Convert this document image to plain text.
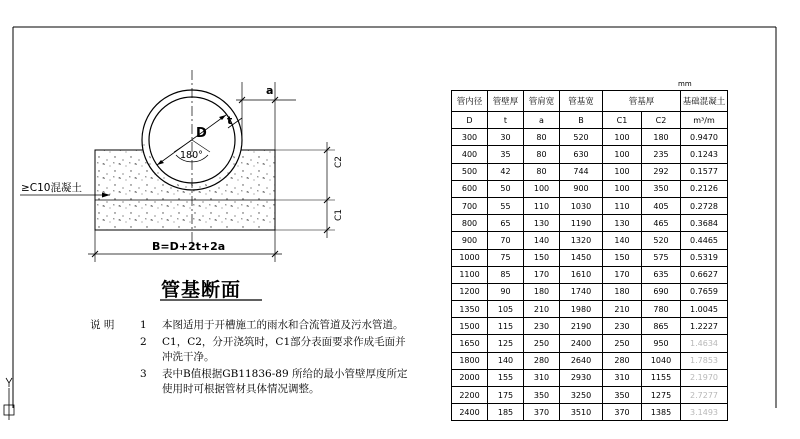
a
D
t
180°
≥C10混凝土
C2
C1
B=D+2t+2a
管基断面
说 明 1 本图适用于开槽施工的雨水和合流管道及污水管道。
2 C1，C2，分开浇筑时，C1部分表面要求作成毛面并
冲洗干净。
3 表中B值根据GB11836-89 所给的最小管壁厚度所定
使用时可根据管材具体情况调整。
mm
管内径	管壁厚	管肩宽	管基宽	管基厚		基础混凝土
D	t	a	B	C1	C2	m³/m
300	30	80	520	100	180	0.9470
400	35	80	630	100	235	0.1243
500	42	80	744	100	292	0.1577
600	50	100	900	100	350	0.2126
700	55	110	1030	110	405	0.2728
800	65	130	1190	130	465	0.3684
900	70	140	1320	140	520	0.4465
1000	75	150	1450	150	575	0.5319
1100	85	170	1610	170	635	0.6627
1200	90	180	1740	180	690	0.7659
1350	105	210	1980	210	780	1.0045
1500	115	230	2190	230	865	1.2227
1650	125	250	2400	250	950	1.4634
1800	140	280	2640	280	1040	1.7853
2000	155	310	2930	310	1155	2.1970
2200	175	350	3250	350	1275	2.7277
2400	185	370	3510	370	1385	3.1493
